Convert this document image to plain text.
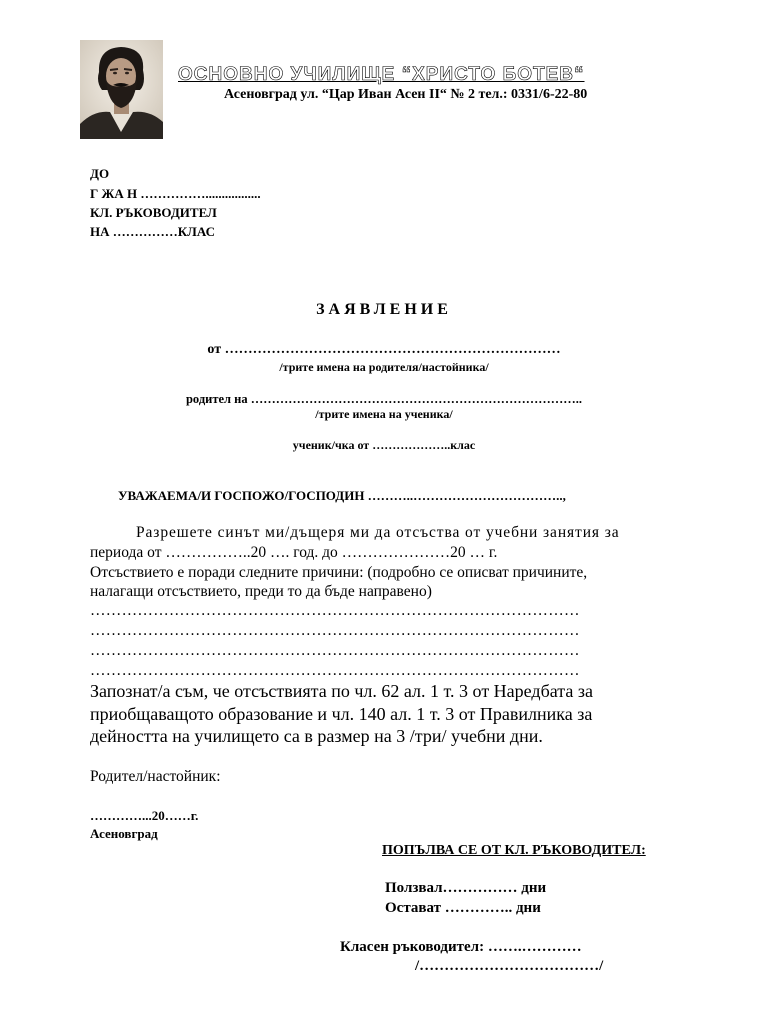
ОСНОВНО УЧИЛИЩЕ “ХРИСТО БОТЕВ“
Асеновград ул. “Цар Иван Асен II“ № 2 тел.: 0331/6-22-80
ДО
Г ЖА Н …………….................
КЛ. РЪКОВОДИТЕЛ
НА ……………КЛАС
ЗАЯВЛЕНИЕ
от ………………………………………………………………
/трите имена на родителя/настойника/
родител на ……………………………………………………………………..
/трите имена на ученика/
ученик/чка от ………………..клас
УВАЖАЕМА/И ГОСПОЖО/ГОСПОДИН ………..……………………………..,
Разрешете синът ми/дъщеря ми да отсъства от учебни занятия за
периода от ……………..20 …. год. до …………………20 … г.
Отсъствието е поради следните причини: (подробно се описват причините,
налагащи отсъствието, преди то да бъде направено)
…………………………………………………………………………………
…………………………………………………………………………………
…………………………………………………………………………………
…………………………………………………………………………………
Запознат/а съм, че отсъствията по чл. 62 ал. 1 т. 3 от Наредбата за
приобщаващото образование и чл. 140 ал. 1 т. 3 от Правилника за
дейността на училището са в размер на 3 /три/ учебни дни.
Родител/настойник:
…………...20……г.
Асеновград
ПОПЪЛВА СЕ ОТ КЛ. РЪКОВОДИТЕЛ:
Ползвал…………… дни
Остават ………….. дни
Класен ръководител: …….…………
/………………………………/
